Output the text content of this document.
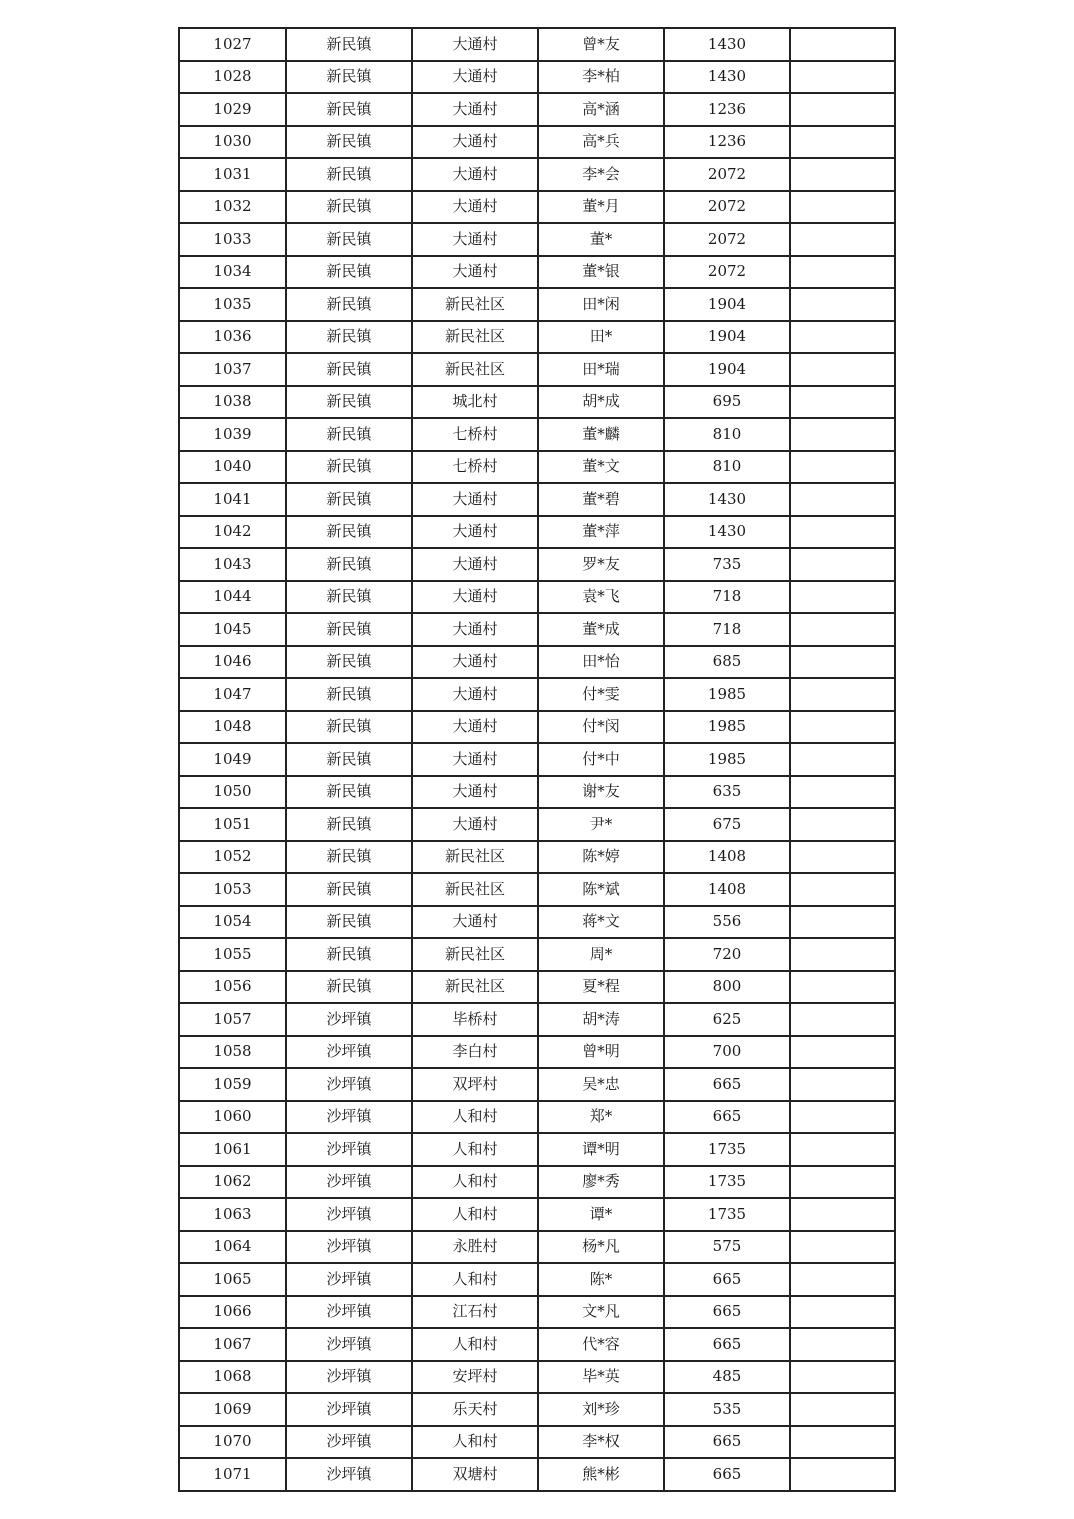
1027	新民镇	大通村	曾*友	1430	
1028	新民镇	大通村	李*柏	1430	
1029	新民镇	大通村	高*涵	1236	
1030	新民镇	大通村	高*兵	1236	
1031	新民镇	大通村	李*会	2072	
1032	新民镇	大通村	董*月	2072	
1033	新民镇	大通村	董*	2072	
1034	新民镇	大通村	董*银	2072	
1035	新民镇	新民社区	田*闲	1904	
1036	新民镇	新民社区	田*	1904	
1037	新民镇	新民社区	田*瑞	1904	
1038	新民镇	城北村	胡*成	695	
1039	新民镇	七桥村	董*麟	810	
1040	新民镇	七桥村	董*文	810	
1041	新民镇	大通村	董*碧	1430	
1042	新民镇	大通村	董*萍	1430	
1043	新民镇	大通村	罗*友	735	
1044	新民镇	大通村	袁*飞	718	
1045	新民镇	大通村	董*成	718	
1046	新民镇	大通村	田*怡	685	
1047	新民镇	大通村	付*雯	1985	
1048	新民镇	大通村	付*闵	1985	
1049	新民镇	大通村	付*中	1985	
1050	新民镇	大通村	谢*友	635	
1051	新民镇	大通村	尹*	675	
1052	新民镇	新民社区	陈*婷	1408	
1053	新民镇	新民社区	陈*斌	1408	
1054	新民镇	大通村	蒋*文	556	
1055	新民镇	新民社区	周*	720	
1056	新民镇	新民社区	夏*程	800	
1057	沙坪镇	毕桥村	胡*涛	625	
1058	沙坪镇	李白村	曾*明	700	
1059	沙坪镇	双坪村	吴*忠	665	
1060	沙坪镇	人和村	郑*	665	
1061	沙坪镇	人和村	谭*明	1735	
1062	沙坪镇	人和村	廖*秀	1735	
1063	沙坪镇	人和村	谭*	1735	
1064	沙坪镇	永胜村	杨*凡	575	
1065	沙坪镇	人和村	陈*	665	
1066	沙坪镇	江石村	文*凡	665	
1067	沙坪镇	人和村	代*容	665	
1068	沙坪镇	安坪村	毕*英	485	
1069	沙坪镇	乐天村	刘*珍	535	
1070	沙坪镇	人和村	李*权	665	
1071	沙坪镇	双塘村	熊*彬	665	
